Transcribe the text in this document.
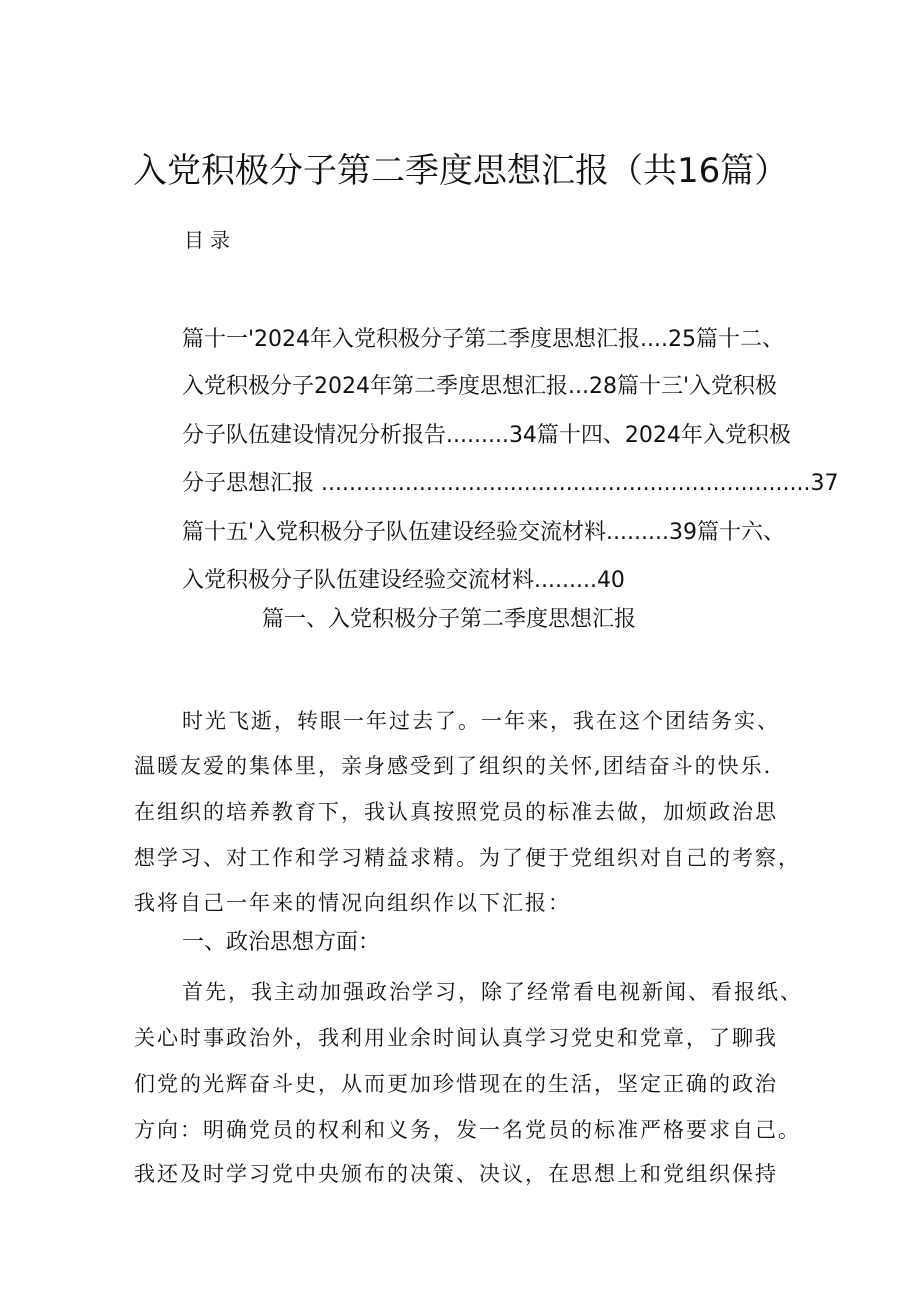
入党积极分子第二季度思想汇报（共16篇）
目录
篇十一'2024年入党积极分子第二季度思想汇报....25篇十二、
入党积极分子2024年第二季度思想汇报...28篇十三'入党积极
分子队伍建设情况分析报告.........34篇十四、2024年入党积极
分子思想汇报 ......................................................................37
篇十五'入党积极分子队伍建设经验交流材料.........39篇十六、
入党积极分子队伍建设经验交流材料.........40
篇一、入党积极分子第二季度思想汇报
时光飞逝，转眼一年过去了。一年来，我在这个团结务实、
温暖友爱的集体里，亲身感受到了组织的关怀,团结奋斗的快乐.
在组织的培养教育下，我认真按照党员的标准去做，加烦政治思
想学习、对工作和学习精益求精。为了便于党组织对自己的考察，
我将自己一年来的情况向组织作以下汇报：
一、政治思想方面：
首先，我主动加强政治学习，除了经常看电视新闻、看报纸、
关心时事政治外，我利用业余时间认真学习党史和党章，了聊我
们党的光辉奋斗史，从而更加珍惜现在的生活，坚定正确的政治
方向：明确党员的权利和义务，发一名党员的标准严格要求自己。
我还及时学习党中央颁布的决策、决议，在思想上和党组织保持
